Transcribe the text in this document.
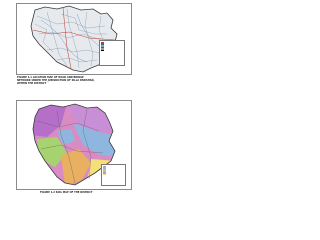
FIGURE 1.1 LOCATION MAP OF ROAD AND BRIDGE NETWORK UNDER THE JURISDICTION OF ZILLA PARISHAD, WITHIN THE DISTRICT

FIGURE 1.2 SOIL MAP OF THE DISTRICT
